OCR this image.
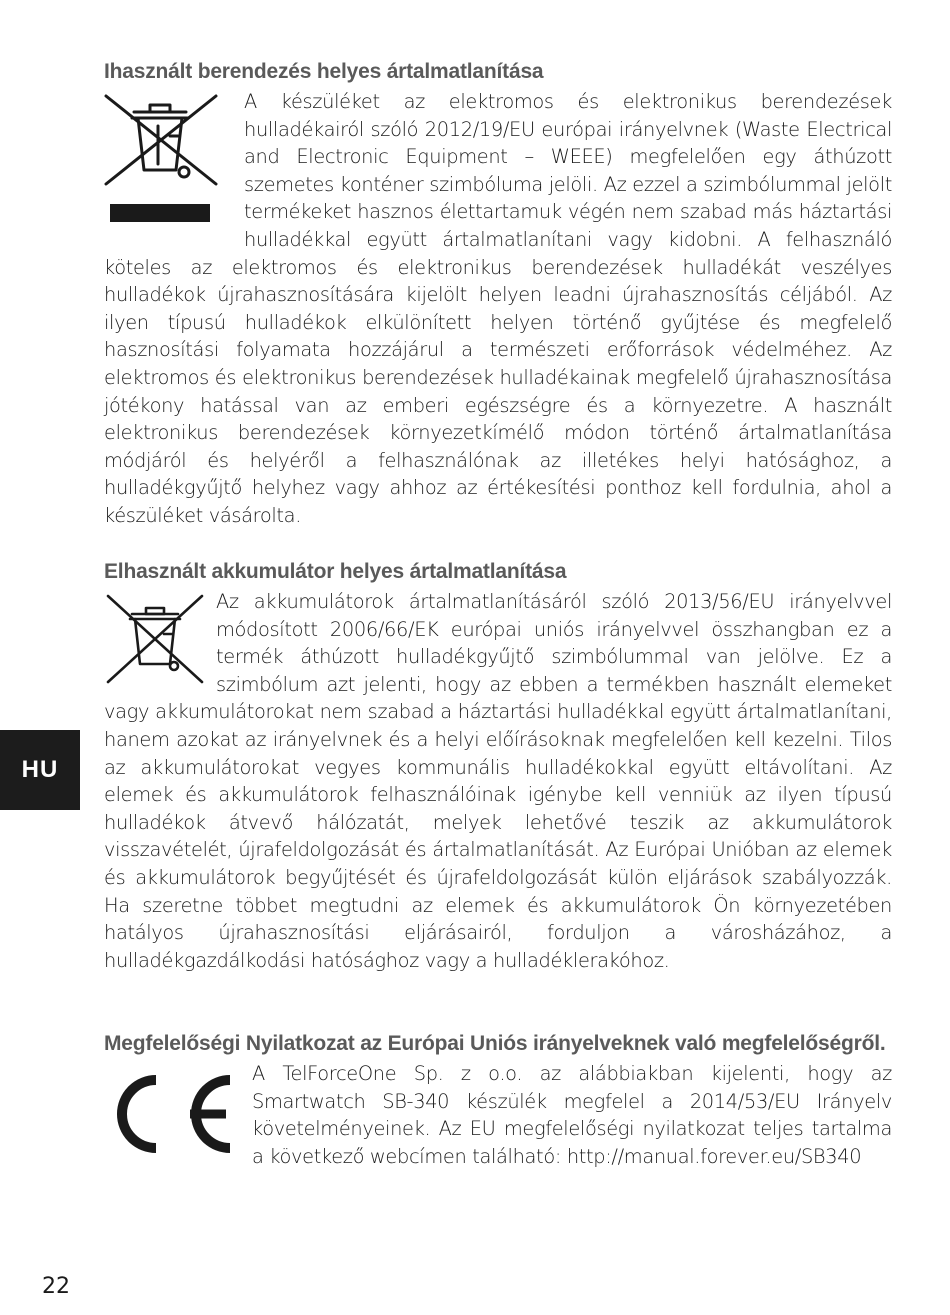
Ihasznált berendezés helyes ártalmatlanítása
A készüléket az elektromos és elektronikus berendezések hulladékairól szóló 2012/19/EU európai irányelvnek (Waste Electrical and Electronic Equipment – WEEE) megfelelően egy áthúzott szemetes konténer szimbóluma jelöli. Az ezzel a szimbólummal jelölt termékeket hasznos élettartamuk végén nem szabad más háztartási hulladékkal együtt ártalmatlanítani vagy kidobni. A felhasználó köteles az elektromos és elektronikus berendezések hulladékát veszélyes hulladékok újrahasznosítására kijelölt helyen leadni újrahasznosítás céljából. Az ilyen típusú hulladékok elkülönített helyen történő gyűjtése és megfelelő hasznosítási folyamata hozzájárul a természeti erőforrások védelméhez. Az elektromos és elektronikus berendezések hulladékainak megfelelő újrahasznosítása jótékony hatással van az emberi egészségre és a környezetre. A használt elektronikus berendezések környezetkímélő módon történő ártalmatlanítása módjáról és helyéről a felhasználónak az illetékes helyi hatósághoz, a hulladékgyűjtő helyhez vagy ahhoz az értékesítési ponthoz kell fordulnia, ahol a készüléket vásárolta.
Elhasznált akkumulátor helyes ártalmatlanítása
Az akkumulátorok ártalmatlanításáról szóló 2013/56/EU irányelvvel módosított 2006/66/EK európai uniós irányelvvel összhangban ez a termék áthúzott hulladékgyűjtő szimbólummal van jelölve. Ez a szimbólum azt jelenti, hogy az ebben a termékben használt elemeket vagy akkumulátorokat nem szabad a háztartási hulladékkal együtt ártalmatlanítani, hanem azokat az irányelvnek és a helyi előírásoknak megfelelően kell kezelni. Tilos az akkumulátorokat vegyes kommunális hulladékokkal együtt eltávolítani. Az elemek és akkumulátorok felhasználóinak igénybe kell venniük az ilyen típusú hulladékok átvevő hálózatát, melyek lehetővé teszik az akkumulátorok visszavételét, újrafeldolgozását és ártalmatlanítását. Az Európai Unióban az elemek és akkumulátorok begyűjtését és újrafeldolgozását külön eljárások szabályozzák. Ha szeretne többet megtudni az elemek és akkumulátorok Ön környezetében hatályos újrahasznosítási eljárásairól, forduljon a városházához, a hulladékgazdálkodási hatósághoz vagy a hulladéklerakóhoz.
Megfelelőségi Nyilatkozat az Európai Uniós irányelveknek való megfelelőségről.
A TelForceOne Sp. z o.o. az alábbiakban kijelenti, hogy az Smartwatch SB-340 készülék megfelel a 2014/53/EU Irányelv követelményeinek. Az EU megfelelőségi nyilatkozat teljes tartalma a következő webcímen található: http://manual.forever.eu/SB340
HU
22
